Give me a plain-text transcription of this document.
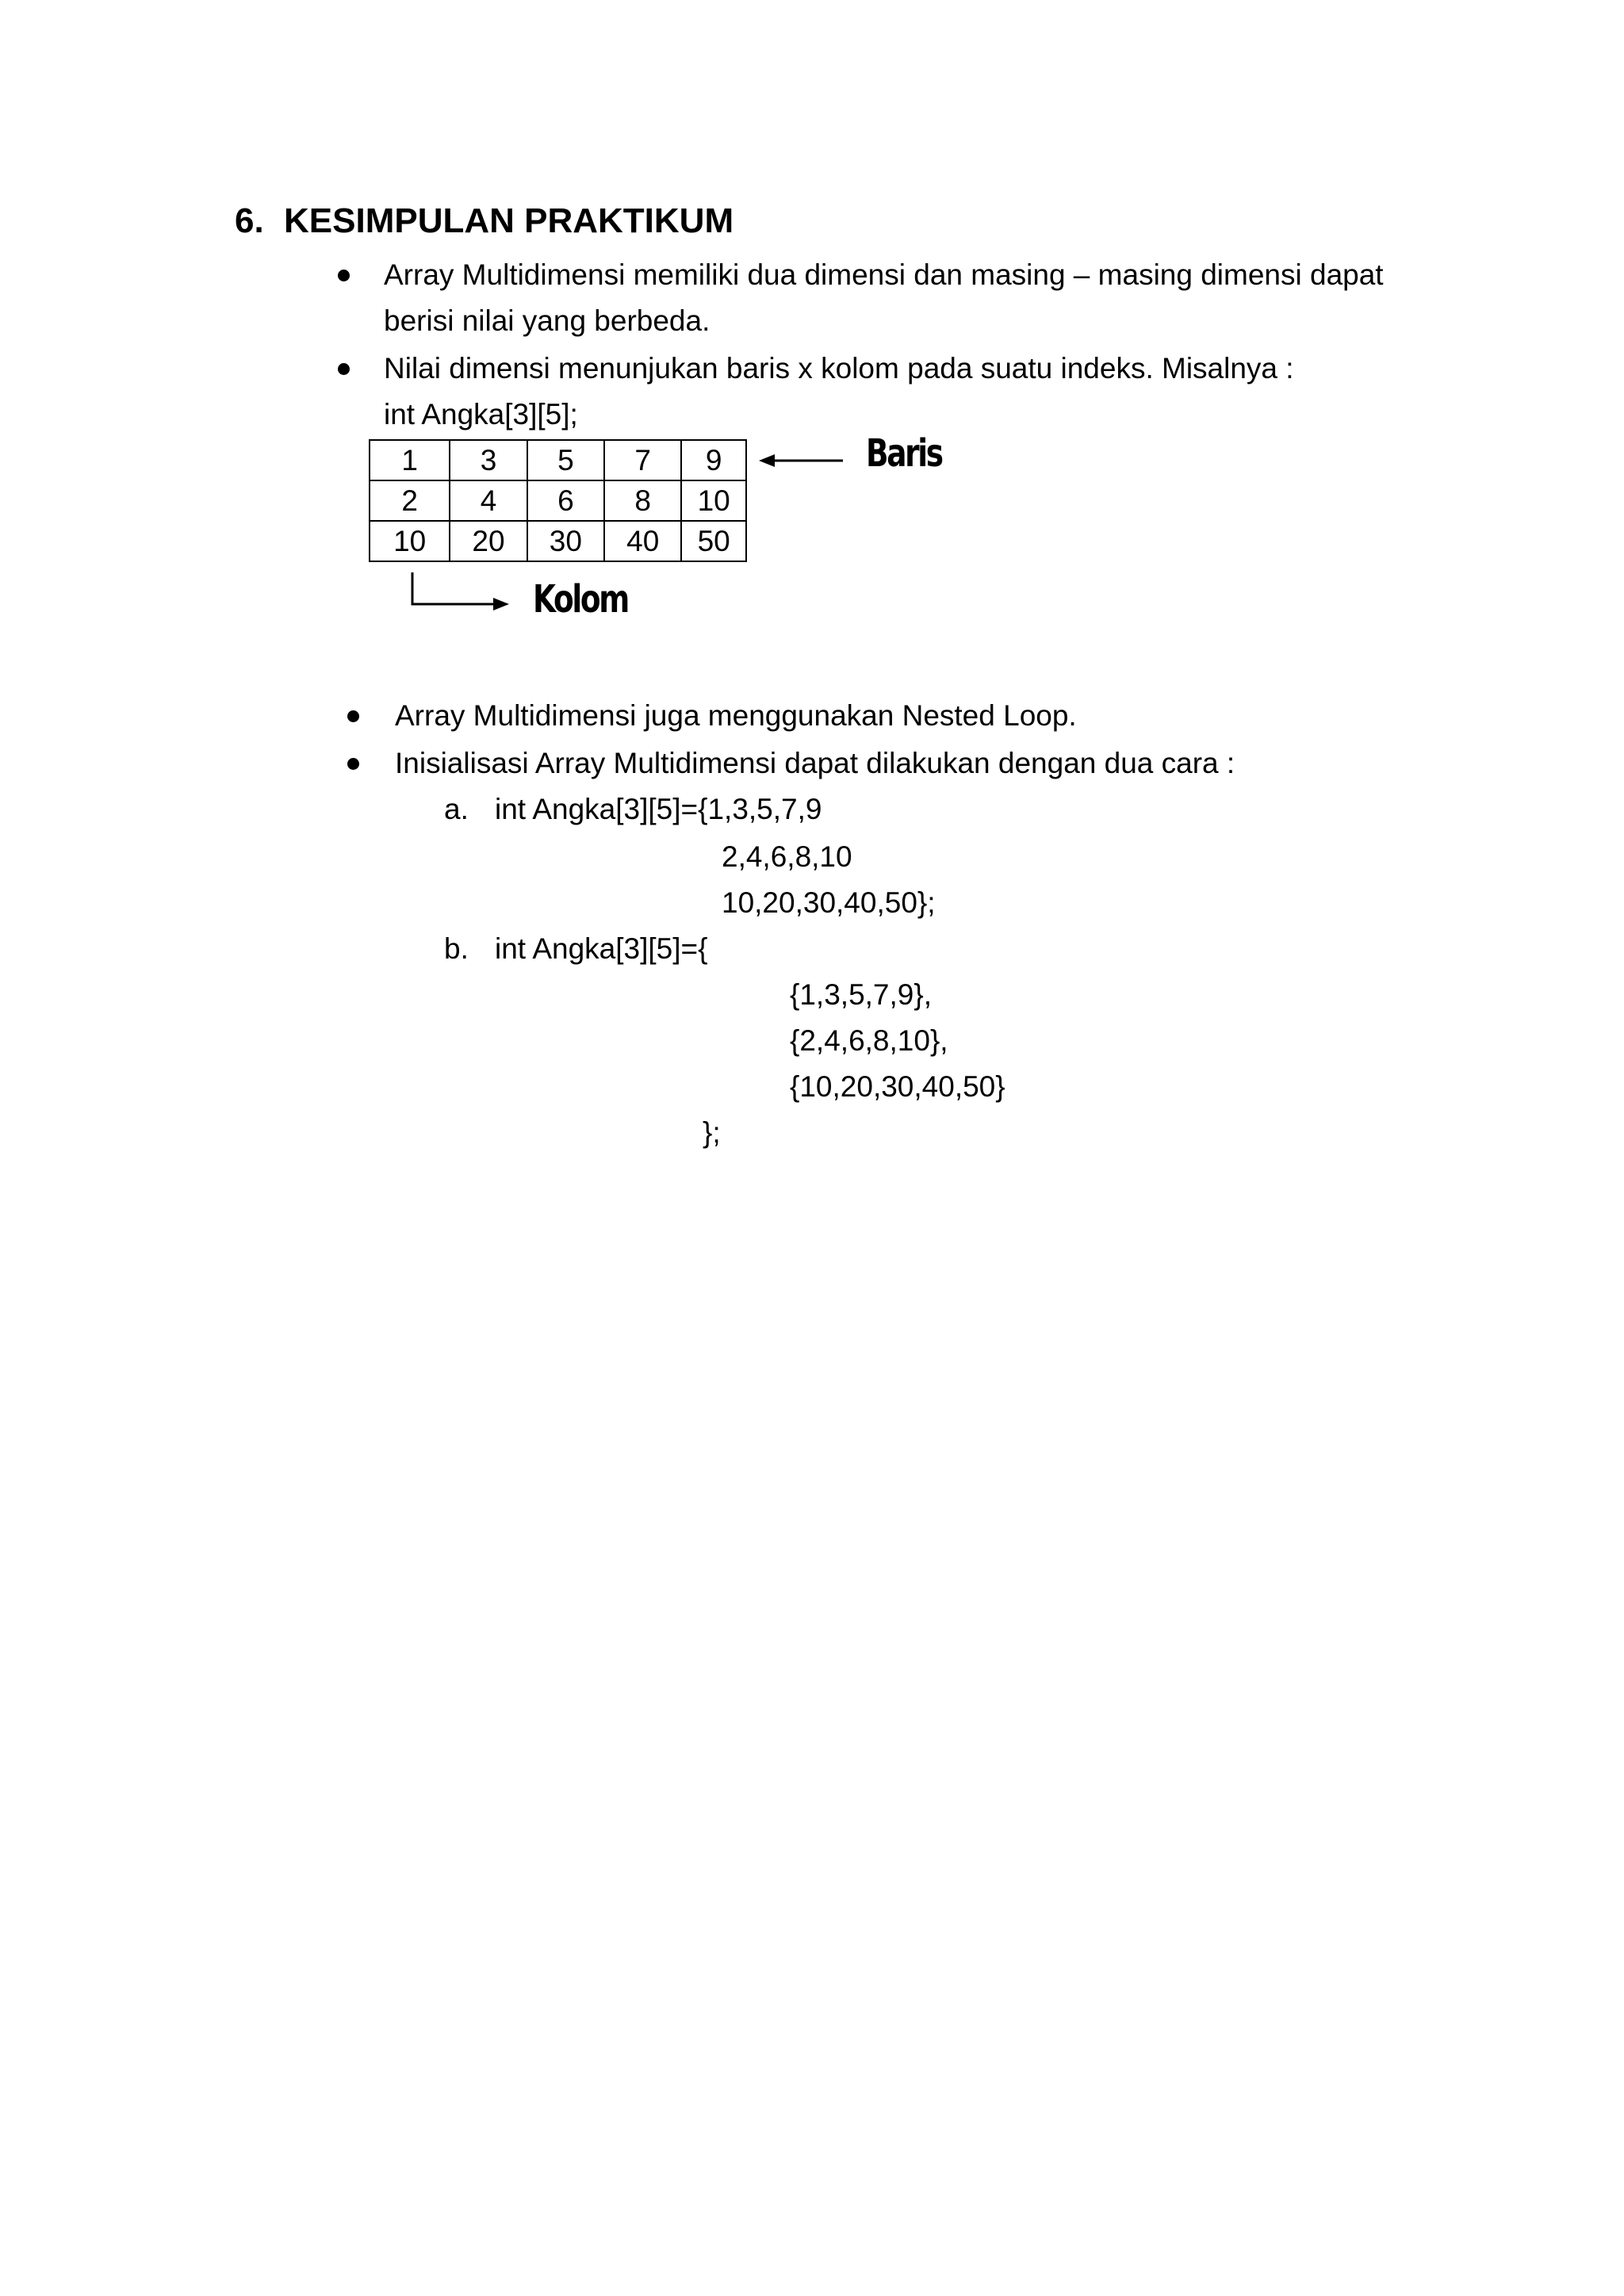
6. KESIMPULAN PRAKTIKUM
Array Multidimensi memiliki dua dimensi dan masing – masing dimensi dapat
berisi nilai yang berbeda.
Nilai dimensi menunjukan baris x kolom pada suatu indeks. Misalnya :
int Angka[3][5];
1	3	5	7	9
2	4	6	8	10
10	20	30	40	50
Baris
Kolom
Array Multidimensi juga menggunakan Nested Loop.
Inisialisasi Array Multidimensi dapat dilakukan dengan dua cara :
a. int Angka[3][5]={1,3,5,7,9
2,4,6,8,10
10,20,30,40,50};
b. int Angka[3][5]={
{1,3,5,7,9},
{2,4,6,8,10},
{10,20,30,40,50}
};
